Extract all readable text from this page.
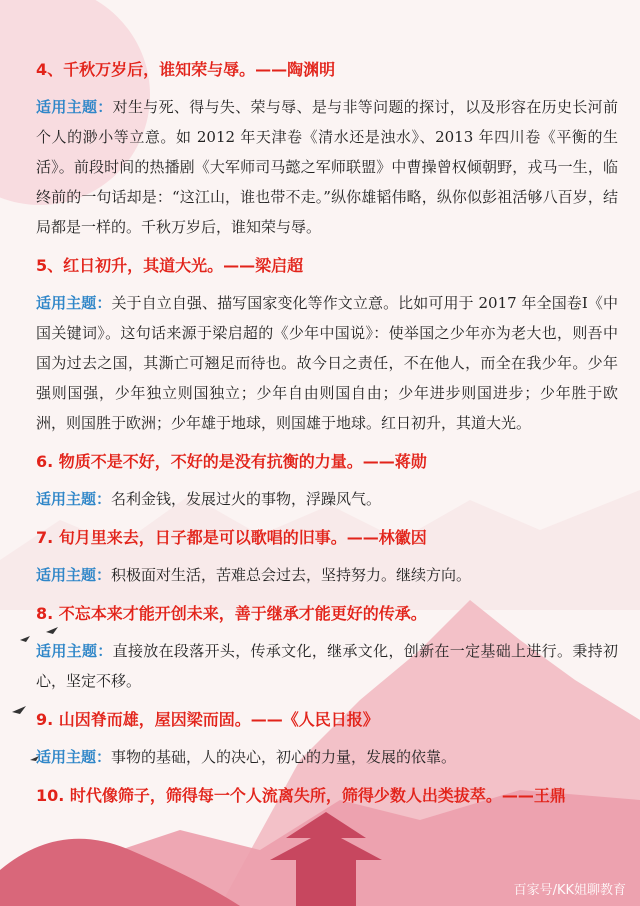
4、千秋万岁后，谁知荣与辱。——陶渊明
适用主题：对生与死、得与失、荣与辱、是与非等问题的探讨，以及形容在历史长河前个人的渺小等立意。如 2012 年天津卷《清水还是浊水》、2013 年四川卷《平衡的生活》。前段时间的热播剧《大军师司马懿之军师联盟》中曹操曾权倾朝野，戎马一生，临终前的一句话却是：“这江山，谁也带不走。”纵你雄韬伟略，纵你似彭祖活够八百岁，结局都是一样的。千秋万岁后，谁知荣与辱。
5、红日初升，其道大光。——梁启超
适用主题：关于自立自强、描写国家变化等作文立意。比如可用于 2017 年全国卷Ⅰ《中国关键词》。这句话来源于梁启超的《少年中国说》：使举国之少年亦为老大也，则吾中国为过去之国，其澌亡可翘足而待也。故今日之责任，不在他人，而全在我少年。少年强则国强，少年独立则国独立；少年自由则国自由；少年进步则国进步；少年胜于欧洲，则国胜于欧洲；少年雄于地球，则国雄于地球。红日初升，其道大光。
6. 物质不是不好，不好的是没有抗衡的力量。——蒋勋
适用主题：名利金钱，发展过火的事物，浮躁风气。
7. 旬月里来去，日子都是可以歌唱的旧事。——林徽因
适用主题：积极面对生活，苦难总会过去，坚持努力。继续方向。
8. 不忘本来才能开创未来，善于继承才能更好的传承。
适用主题：直接放在段落开头，传承文化，继承文化，创新在一定基础上进行。秉持初心，坚定不移。
9. 山因脊而雄，屋因梁而固。——《人民日报》
适用主题：事物的基础，人的决心，初心的力量，发展的依靠。
10. 时代像筛子，筛得每一个人流离失所，筛得少数人出类拔萃。——王鼎
百家号/KK姐聊教育
